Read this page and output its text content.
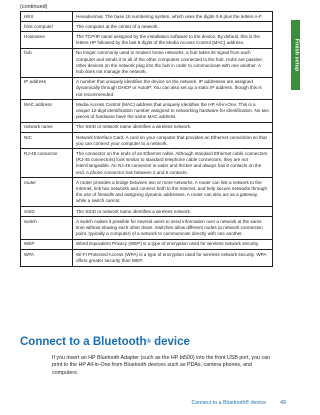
(continued)
Finish setup
HEX	Hexadecimal. The base 16 numbering system, which uses the digits 0-9 plus the letters A-F.
host computer	The computer at the center of a network.
Hostname	The TCP/IP name assigned by the installation software to the device. By default, this is the letters HP followed by the last 6 digits of the Media Access Control (MAC) address.
hub	No longer commonly used in modern home networks, a hub takes its signal from each computer and sends it to all of the other computers connected to the hub. Hubs are passive; other devices on the network plug into the hub in order to communicate with one another. A hub does not manage the network.
IP address	A number that uniquely identifies the device on the network. IP addresses are assigned dynamically through DHCP or AutoIP. You can also set up a static IP address, though this is not recommended.
MAC address	Media Access Control (MAC) address that uniquely identifies the HP All-in-One. This is a unique 12-digit identification number assigned to networking hardware for identification. No two pieces of hardware have the same MAC address.
network name	The SSID or network name identifies a wireless network.
NIC	Network Interface Card. A card on your computer that provides an Ethernet connection so that you can connect your computer to a network.
RJ-45 connector	The connector on the ends of an Ethernet cable. Although standard Ethernet cable connectors (RJ-45 connectors) look similar to standard telephone cable connectors, they are not interchangeable. An RJ-45 connector is wider and thicker and always has 8 contacts on the end. A phone connector has between 2 and 6 contacts.
router	A router provides a bridge between two or more networks. A router can link a network to the Internet, link two networks and connect both to the Internet, and help secure networks through the use of firewalls and assigning dynamic addresses. A router can also act as a gateway, while a switch cannot.
SSID	The SSID or network name identifies a wireless network.
switch	A switch makes it possible for several users to send information over a network at the same time without slowing each other down. Switches allow different nodes (a network connection point, typically a computer) of a network to communicate directly with one another.
WEP	Wired Equivalent Privacy (WEP) is a type of encryption used for wireless network security.
WPA	Wi-Fi Protected Access (WPA) is a type of encryption used for wireless network security. WPA offers greater security than WEP.
Connect to a Bluetooth® device
If you insert an HP Bluetooth Adapter (such as the HP bt500) into the front USB port, you can print to the HP All-in-One from Bluetooth devices such as PDAs, camera phones, and computers.
Connect to a Bluetooth® device	49
